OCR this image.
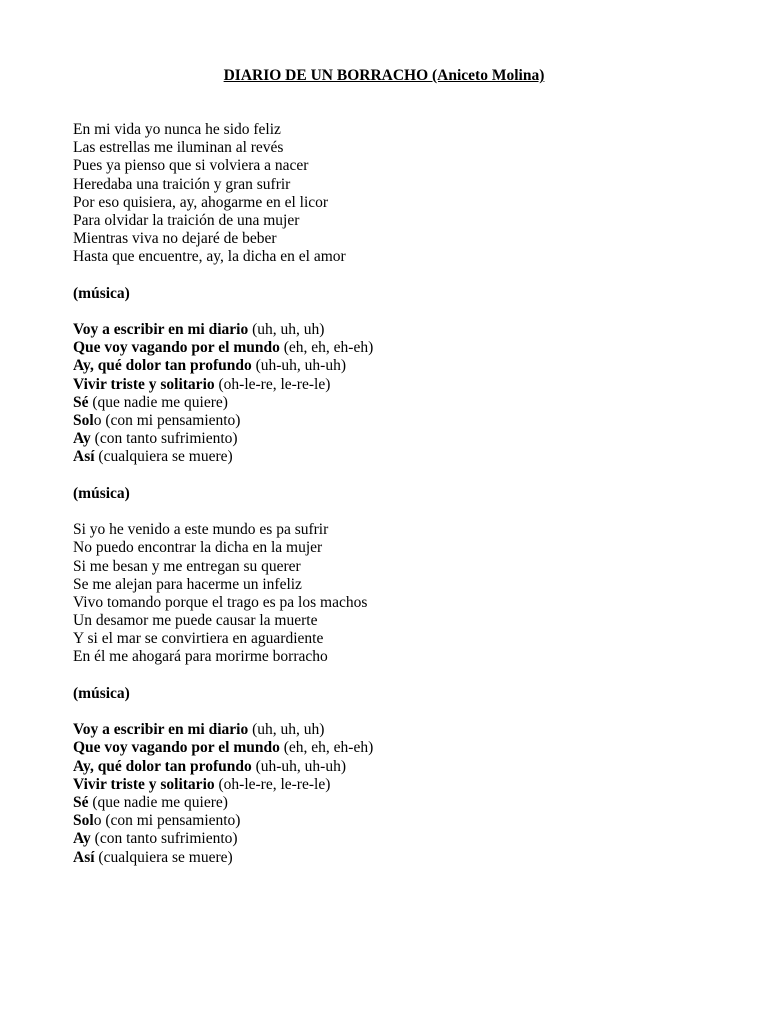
DIARIO DE UN BORRACHO (Aniceto Molina)
En mi vida yo nunca he sido feliz
Las estrellas me iluminan al revés
Pues ya pienso que si volviera a nacer
Heredaba una traición y gran sufrir
Por eso quisiera, ay, ahogarme en el licor
Para olvidar la traición de una mujer
Mientras viva no dejaré de beber
Hasta que encuentre, ay, la dicha en el amor
(música)
Voy a escribir en mi diario (uh, uh, uh)
Que voy vagando por el mundo (eh, eh, eh-eh)
Ay, qué dolor tan profundo (uh-uh, uh-uh)
Vivir triste y solitario (oh-le-re, le-re-le)
Sé (que nadie me quiere)
Solo (con mi pensamiento)
Ay (con tanto sufrimiento)
Así (cualquiera se muere)
(música)
Si yo he venido a este mundo es pa sufrir
No puedo encontrar la dicha en la mujer
Si me besan y me entregan su querer
Se me alejan para hacerme un infeliz
Vivo tomando porque el trago es pa los machos
Un desamor me puede causar la muerte
Y si el mar se convirtiera en aguardiente
En él me ahogará para morirme borracho
(música)
Voy a escribir en mi diario (uh, uh, uh)
Que voy vagando por el mundo (eh, eh, eh-eh)
Ay, qué dolor tan profundo (uh-uh, uh-uh)
Vivir triste y solitario (oh-le-re, le-re-le)
Sé (que nadie me quiere)
Solo (con mi pensamiento)
Ay (con tanto sufrimiento)
Así (cualquiera se muere)
